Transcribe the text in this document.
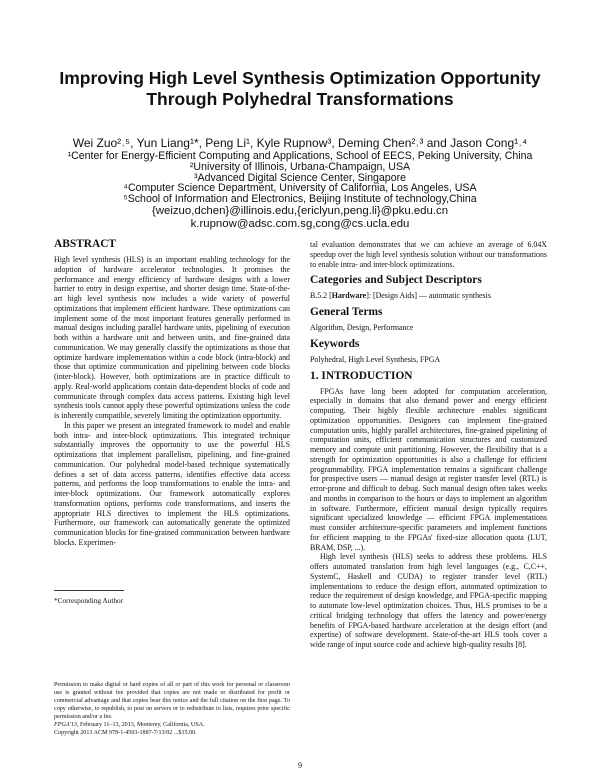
Improving High Level Synthesis Optimization Opportunity
Through Polyhedral Transformations
Wei Zuo²˒⁵, Yun Liang¹*, Peng Li¹, Kyle Rupnow³, Deming Chen²˒³ and Jason Cong¹˒⁴
¹Center for Energy-Efficient Computing and Applications, School of EECS, Peking University, China
²University of Illinois, Urbana-Champaign, USA
³Advanced Digital Science Center, Singapore
⁴Computer Science Department, University of California, Los Angeles, USA
⁵School of Information and Electronics, Beijing Institute of technology,China
{weizuo,dchen}@illinois.edu,{ericlyun,peng.li}@pku.edu.cn
k.rupnow@adsc.com.sg,cong@cs.ucla.edu
ABSTRACT

High level synthesis (HLS) is an important enabling technology for the adoption of hardware accelerator technologies. It promises the performance and energy efficiency of hardware designs with a lower barrier to entry in design expertise, and shorter design time. State-of-the-art high level synthesis now includes a wide variety of powerful optimizations that implement efficient hardware. These optimizations can implement some of the most important features generally performed in manual designs including parallel hardware units, pipelining of execution both within a hardware unit and between units, and fine-grained data communication. We may generally classify the optimizations as those that optimize hardware implementation within a code block (intra-block) and those that optimize communication and pipelining between code blocks (inter-block). However, both optimizations are in practice difficult to apply. Real-world applications contain data-dependent blocks of code and communicate through complex data access patterns. Existing high level synthesis tools cannot apply these powerful optimizations unless the code is inherently compatible, severely limiting the optimization opportunity.

In this paper we present an integrated framework to model and enable both intra- and inter-block optimizations. This integrated technique substantially improves the opportunity to use the powerful HLS optimizations that implement parallelism, pipelining, and fine-grained communication. Our polyhedral model-based technique systematically defines a set of data access patterns, identifies effective data access patterns, and performs the loop transformations to enable the intra- and inter-block optimizations. Our framework automatically explores transformation options, performs code transformations, and inserts the appropriate HLS directives to implement the HLS optimizations. Furthermore, our framework can automatically generate the optimized communication blocks for fine-grained communication between hardware blocks. Experimen-

*Corresponding Author
Permission to make digital or hard copies of all or part of this work for personal or classroom use is granted without fee provided that copies are not made or distributed for profit or commercial advantage and that copies bear this notice and the full citation on the first page. To copy otherwise, to republish, to post on servers or to redistribute to lists, requires prior specific permission and/or a fee.
FPGA'13, February 11–13, 2013, Monterey, California, USA.
Copyright 2013 ACM 978-1-4503-1887-7/13/02 ...$15.00.

tal evaluation demonstrates that we can achieve an average of 6.04X speedup over the high level synthesis solution without our transformations to enable intra- and inter-block optimizations.

Categories and Subject Descriptors

B.5.2 [Hardware]: [Design Aids] — automatic synthesis

General Terms

Algorithm, Design, Performance

Keywords

Polyhedral, High Level Synthesis, FPGA

1. INTRODUCTION

FPGAs have long been adopted for computation acceleration, especially in domains that also demand power and energy efficient computing. Their highly flexible architecture enables significant optimization opportunities. Designers can implement fine-grained computation units, highly parallel architectures, fine-grained pipelining of computation units, efficient communication structures and customized memory and compute unit partitioning. However, the flexibility that is a strength for optimization opportunities is also a challenge for efficient programmability. FPGA implementation remains a significant challenge for prospective users — manual design at register transfer level (RTL) is error-prone and difficult to debug. Such manual design often takes weeks and months in comparison to the hours or days to implement an algorithm in software. Furthermore, efficient manual design typically requires significant specialized knowledge — efficient FPGA implementations must consider architecture-specific parameters and implement functions for efficient mapping to the FPGAs' fixed-size allocation quota (LUT, BRAM, DSP, ...).

High level synthesis (HLS) seeks to address these problems. HLS offers automated translation from high level languages (e.g., C,C++, SystemC, Haskell and CUDA) to register transfer level (RTL) implementations to reduce the design effort, automated optimization to reduce the requirement of design knowledge, and FPGA-specific mapping to automate low-level optimization choices. Thus, HLS promises to be a critical bridging technology that offers the latency and power/energy benefits of FPGA-based hardware acceleration at the design effort (and expertise) of software development. State-of-the-art HLS tools cover a wide range of input source code and achieve high-quality results [8].

9
